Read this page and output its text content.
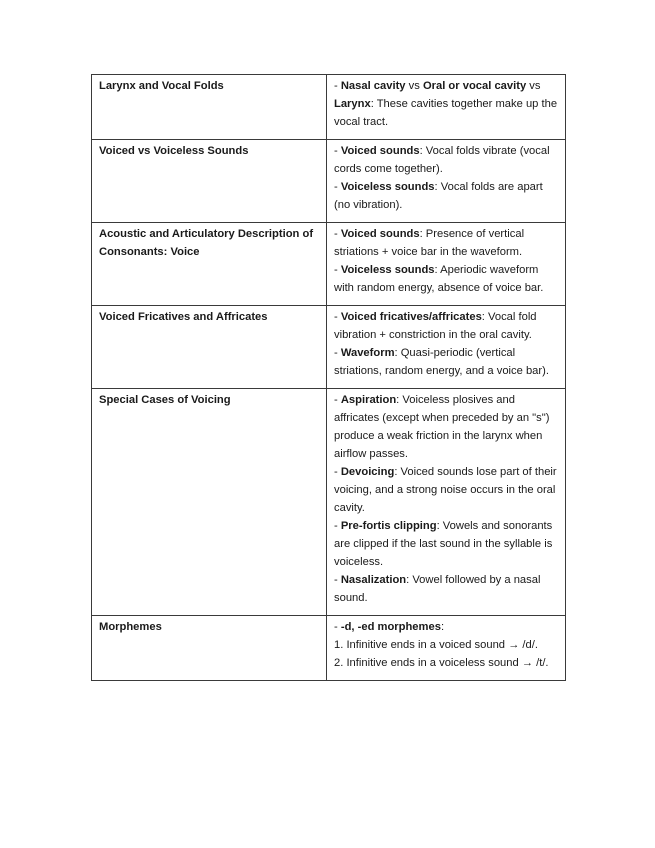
Larynx and Vocal Folds	- Nasal cavity vs Oral or vocal cavity vs Larynx: These cavities together make up the vocal tract.

Voiced vs Voiceless Sounds	- Voiced sounds: Vocal folds vibrate (vocal cords come together).
- Voiceless sounds: Vocal folds are apart (no vibration).

Acoustic and Articulatory Description of Consonants: Voice	- Voiced sounds: Presence of vertical striations + voice bar in the waveform.
- Voiceless sounds: Aperiodic waveform with random energy, absence of voice bar.

Voiced Fricatives and Affricates	- Voiced fricatives/affricates: Vocal fold vibration + constriction in the oral cavity.
- Waveform: Quasi-periodic (vertical striations, random energy, and a voice bar).

Special Cases of Voicing	- Aspiration: Voiceless plosives and affricates (except when preceded by an "s") produce a weak friction in the larynx when airflow passes.
- Devoicing: Voiced sounds lose part of their voicing, and a strong noise occurs in the oral cavity.
- Pre-fortis clipping: Vowels and sonorants are clipped if the last sound in the syllable is voiceless.
- Nasalization: Vowel followed by a nasal sound.

Morphemes	- -d, -ed morphemes:
1. Infinitive ends in a voiced sound → /d/.
2. Infinitive ends in a voiceless sound → /t/.
